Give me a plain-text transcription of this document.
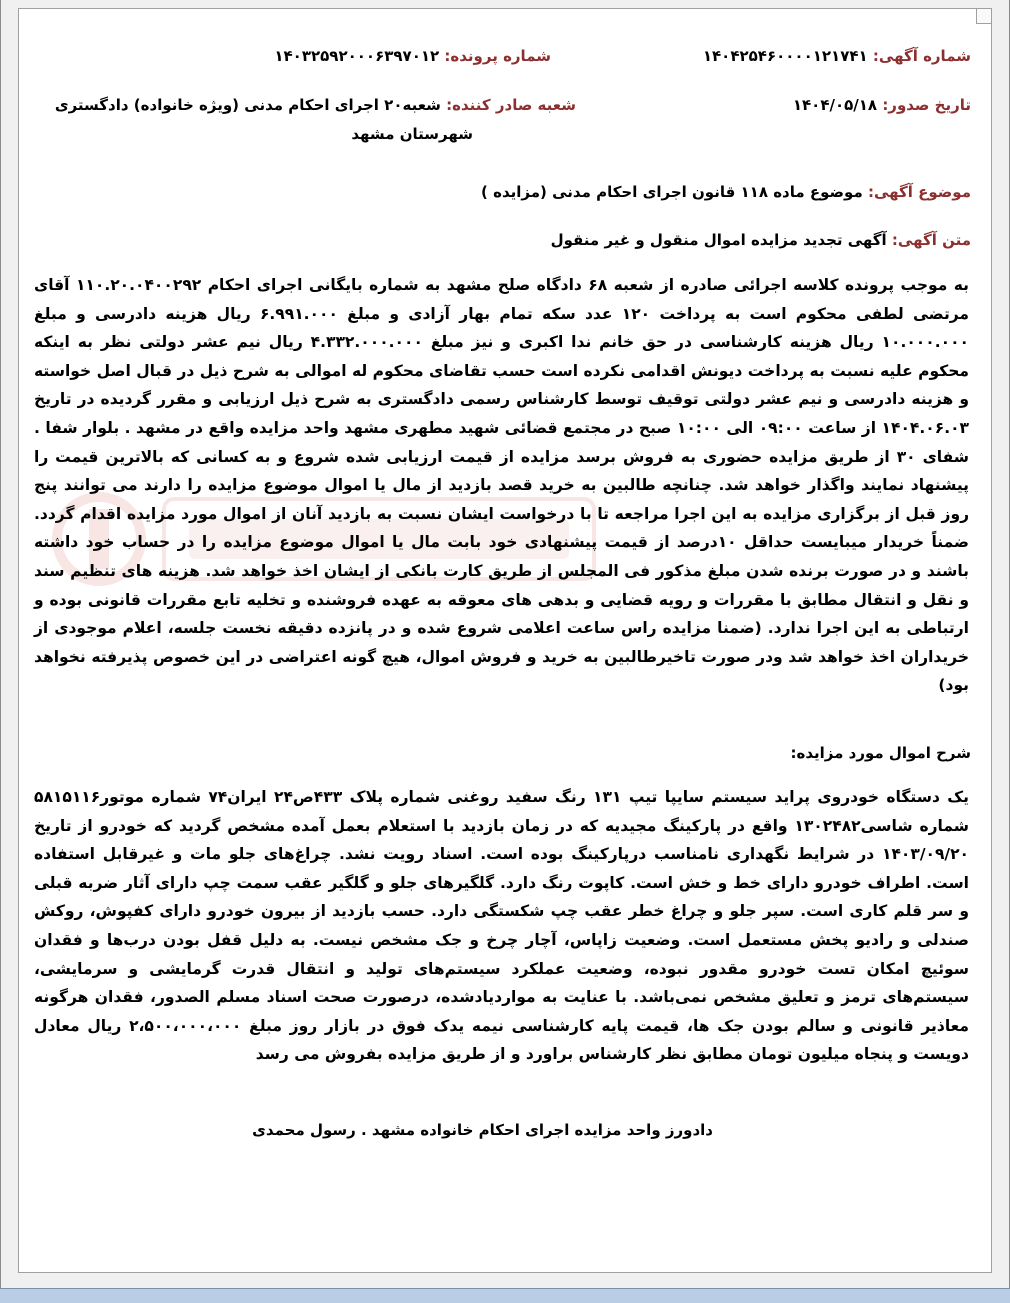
شماره آگهی: ۱۴۰۴۲۵۴۶۰۰۰۰۱۲۱۷۴۱
شماره پرونده: ۱۴۰۳۲۵۹۲۰۰۰۶۳۹۷۰۱۲
تاریخ صدور: ۱۴۰۴/۰۵/۱۸
شعبه صادر کننده: شعبه۲۰ اجرای احکام مدنی (ویژه خانواده) دادگستری
شهرستان مشهد
موضوع آگهی: موضوع ماده ۱۱۸ قانون اجرای احکام مدنی (مزایده )
متن آگهی: آگهی تجدید مزایده اموال منقول و غیر منقول

به موجب پرونده کلاسه اجرائی صادره از شعبه ۶۸ دادگاه صلح مشهد به شماره بایگانی اجرای احکام ۱۱۰.۲۰.۰۴۰۰۲۹۲ آقای مرتضی لطفی محکوم است به پرداخت ۱۲۰ عدد سکه تمام بهار آزادی و مبلغ ۶.۹۹۱.۰۰۰ ریال هزینه دادرسی و مبلغ ۱۰.۰۰۰.۰۰۰ ریال هزینه کارشناسی در حق خانم ندا اکبری و نیز مبلغ ۴.۳۳۲.۰۰۰.۰۰۰ ریال نیم عشر دولتی نظر به اینکه محکوم علیه نسبت به پرداخت دیونش اقدامی نکرده است حسب تقاضای محکوم له اموالی به شرح ذیل در قبال اصل خواسته و هزینه دادرسی و نیم عشر دولتی توقیف توسط کارشناس رسمی دادگستری به شرح ذیل ارزیابی و مقرر گردیده در تاریخ ۱۴۰۴.۰۶.۰۳ از ساعت ۰۹:۰۰ الی ۱۰:۰۰ صبح در مجتمع قضائی شهید مطهری مشهد واحد مزایده واقع در مشهد . بلوار شفا . شفای ۳۰ از طریق مزایده حضوری به فروش برسد مزایده از قیمت ارزیابی شده شروع و به کسانی که بالاترین قیمت را پیشنهاد نمایند واگذار خواهد شد. چنانچه طالبین به خرید قصد بازدید از مال یا اموال موضوع مزایده را دارند می توانند پنج روز قبل از برگزاری مزایده به این اجرا مراجعه تا با درخواست ایشان نسبت به بازدید آنان از اموال مورد مزایده اقدام گردد. ضمناً خریدار میبایست حداقل ۱۰درصد از قیمت پیشنهادی خود بابت مال یا اموال موضوع مزایده را در حساب خود داشته باشند و در صورت برنده شدن مبلغ مذکور فی المجلس از طریق کارت بانکی از ایشان اخذ خواهد شد. هزینه های تنظیم سند و نقل و انتقال مطابق با مقررات و رویه قضایی و بدهی های معوقه به عهده فروشنده و تخلیه تابع مقررات قانونی بوده و ارتباطی به این اجرا ندارد. (ضمنا مزایده راس ساعت اعلامی شروع شده و در پانزده دقیقه نخست جلسه، اعلام موجودی از خریداران اخذ خواهد شد ودر صورت تاخیرطالبین به خرید و فروش اموال، هیچ گونه اعتراضی در این خصوص پذیرفته نخواهد بود)

شرح اموال مورد مزایده:

یک دستگاه خودروی پراید سیستم سایپا تیپ ۱۳۱ رنگ سفید روغنی شماره پلاک ۴۳۳ص۲۴ ایران۷۴ شماره موتور۵۸۱۵۱۱۶ شماره شاسی۱۳۰۲۴۸۲ واقع در پارکینگ مجیدیه که در زمان بازدید با استعلام بعمل آمده مشخص گردید که خودرو از تاریخ ۱۴۰۳/۰۹/۲۰ در شرایط نگهداری نامناسب درپارکینگ بوده است. اسناد رویت نشد. چراغ‌های جلو مات و غیرقابل استفاده است. اطراف خودرو دارای خط و خش است. کاپوت رنگ دارد. گلگیرهای جلو و گلگیر عقب سمت چپ دارای آثار ضربه قبلی و سر قلم کاری است. سپر جلو و چراغ خطر عقب چپ شکستگی دارد. حسب بازدید از بیرون خودرو دارای کفپوش، روکش صندلی و رادیو پخش مستعمل است. وضعیت زاپاس، آچار چرخ و جک مشخص نیست. به دلیل قفل بودن درب‌ها و فقدان سوئیچ امکان تست خودرو مقدور نبوده، وضعیت عملکرد سیستم‌های تولید و انتقال قدرت گرمایشی و سرمایشی، سیستم‌های ترمز و تعلیق مشخص نمی‌باشد. با عنایت به مواردیادشده، درصورت صحت اسناد مسلم الصدور، فقدان هرگونه معاذیر قانونی و سالم بودن جک ها، قیمت پایه کارشناسی نیمه یدک فوق در بازار روز مبلغ ۲،۵۰۰،۰۰۰،۰۰۰ ریال معادل دویست و پنجاه میلیون تومان مطابق نظر کارشناس براورد و از طریق مزایده بفروش می رسد

دادورز واحد مزایده اجرای احکام خانواده مشهد . رسول محمدی
